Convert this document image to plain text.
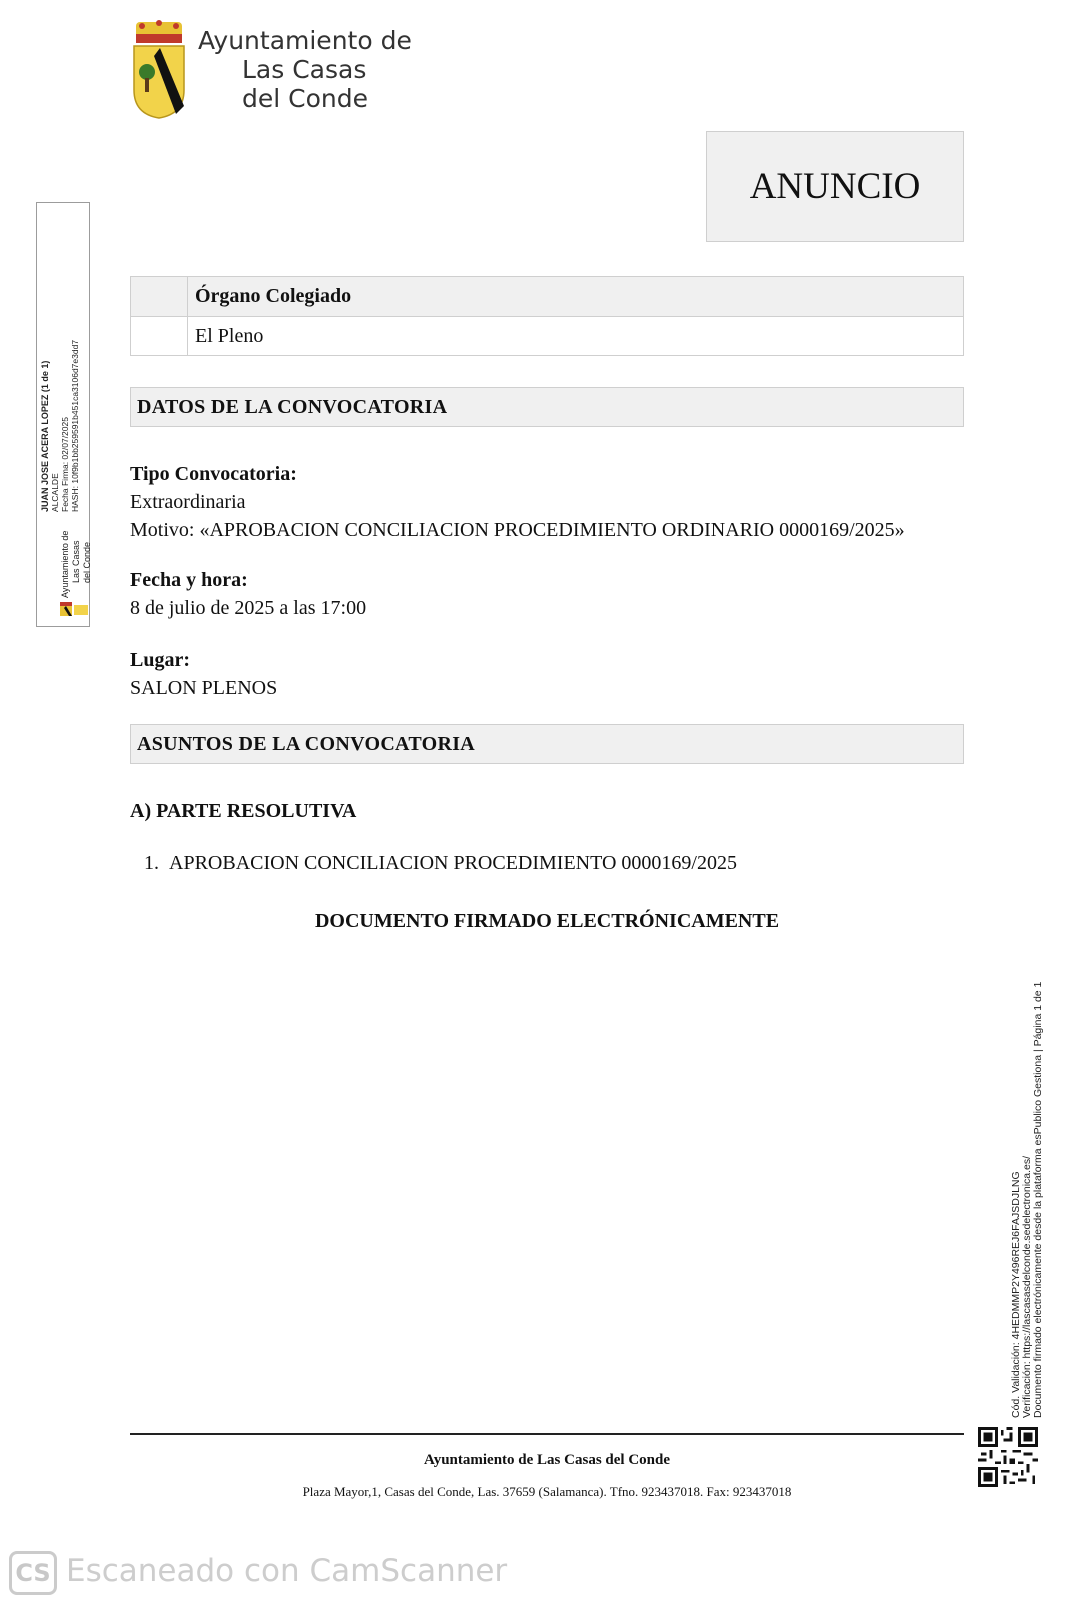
Ayuntamiento de
Las Casas
del Conde
ANUNCIO
Órgano Colegiado
El Pleno
DATOS DE LA CONVOCATORIA
Tipo Convocatoria:
Extraordinaria
Motivo: «APROBACION CONCILIACION PROCEDIMIENTO ORDINARIO 0000169/2025»
Fecha y hora:
8 de julio de 2025 a las 17:00
Lugar:
SALON PLENOS
ASUNTOS DE LA CONVOCATORIA
A) PARTE RESOLUTIVA
1. APROBACION CONCILIACION PROCEDIMIENTO 0000169/2025
DOCUMENTO FIRMADO ELECTRÓNICAMENTE
JUAN JOSE ACERA LOPEZ (1 de 1) ALCALDE Fecha Firma: 02/07/2025 HASH: 10f9b1bb259591b451ca3106d7e3dd7
Ayuntamiento de Las Casas del Conde
Cód. Validación: 4HEDMMP2Y496REJ6FAJSDJLNG Verificación: https://lascasasdelconde.sedelectronica.es/ Documento firmado electrónicamente desde la plataforma esPublico Gestiona | Página 1 de 1
Ayuntamiento de Las Casas del Conde
Plaza Mayor,1, Casas del Conde, Las. 37659 (Salamanca). Tfno. 923437018. Fax: 923437018
CS Escaneado con CamScanner
